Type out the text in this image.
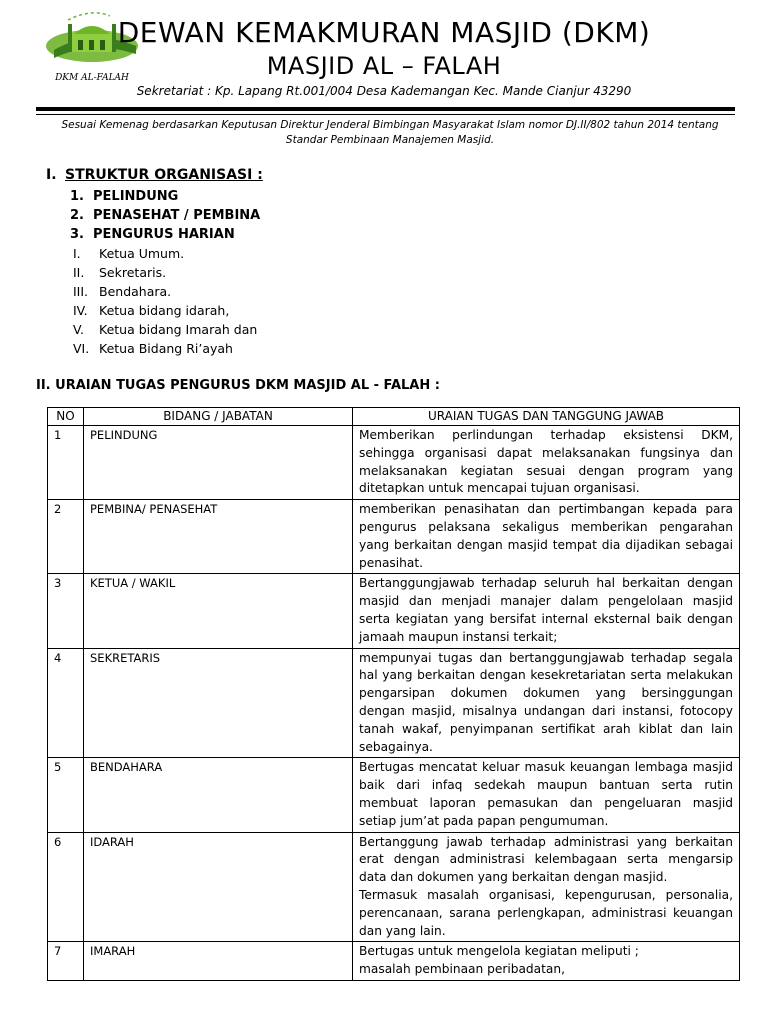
DKM AL-FALAH
DEWAN KEMAKMURAN MASJID (DKM)
MASJID AL – FALAH
Sekretariat : Kp. Lapang Rt.001/004 Desa Kademangan Kec. Mande Cianjur 43290
Sesuai Kemenag berdasarkan Keputusan Direktur Jenderal Bimbingan Masyarakat Islam nomor DJ.II/802 tahun 2014 tentang Standar Pembinaan Manajemen Masjid.
I. STRUKTUR ORGANISASI :
1. PELINDUNG
2. PENASEHAT / PEMBINA
3. PENGURUS HARIAN
I. Ketua Umum.
II. Sekretaris.
III. Bendahara.
IV. Ketua bidang idarah,
V. Ketua bidang Imarah dan
VI. Ketua Bidang Ri’ayah
II. URAIAN TUGAS PENGURUS DKM MASJID AL - FALAH :
NO	BIDANG / JABATAN	URAIAN TUGAS DAN TANGGUNG JAWAB
1	PELINDUNG	Memberikan perlindungan terhadap eksistensi DKM, sehingga organisasi dapat melaksanakan fungsinya dan melaksanakan kegiatan sesuai dengan program yang ditetapkan untuk mencapai tujuan organisasi.

2	PEMBINA/ PENASEHAT	memberikan penasihatan dan pertimbangan kepada para pengurus pelaksana sekaligus memberikan pengarahan yang berkaitan dengan masjid tempat dia dijadikan sebagai penasihat.

3	KETUA / WAKIL	Bertanggungjawab terhadap seluruh hal berkaitan dengan masjid dan menjadi manajer dalam pengelolaan masjid serta kegiatan yang bersifat internal eksternal baik dengan jamaah maupun instansi terkait;

4	SEKRETARIS	mempunyai tugas dan bertanggungjawab terhadap segala hal yang berkaitan dengan kesekretariatan serta melakukan pengarsipan dokumen dokumen yang bersinggungan dengan masjid, misalnya undangan dari instansi, fotocopy tanah wakaf, penyimpanan sertifikat arah kiblat dan lain sebagainya.

5	BENDAHARA	Bertugas mencatat keluar masuk keuangan lembaga masjid baik dari infaq sedekah maupun bantuan serta rutin membuat laporan pemasukan dan pengeluaran masjid setiap jum’at pada papan pengumuman.

6	IDARAH	Bertanggung jawab terhadap administrasi yang berkaitan erat dengan administrasi kelembagaan serta mengarsip data dan dokumen yang berkaitan dengan masjid.
Termasuk masalah organisasi, kepengurusan, personalia, perencanaan, sarana perlengkapan, administrasi keuangan dan yang lain.

7	IMARAH	Bertugas untuk mengelola kegiatan meliputi ;
masalah pembinaan peribadatan,
